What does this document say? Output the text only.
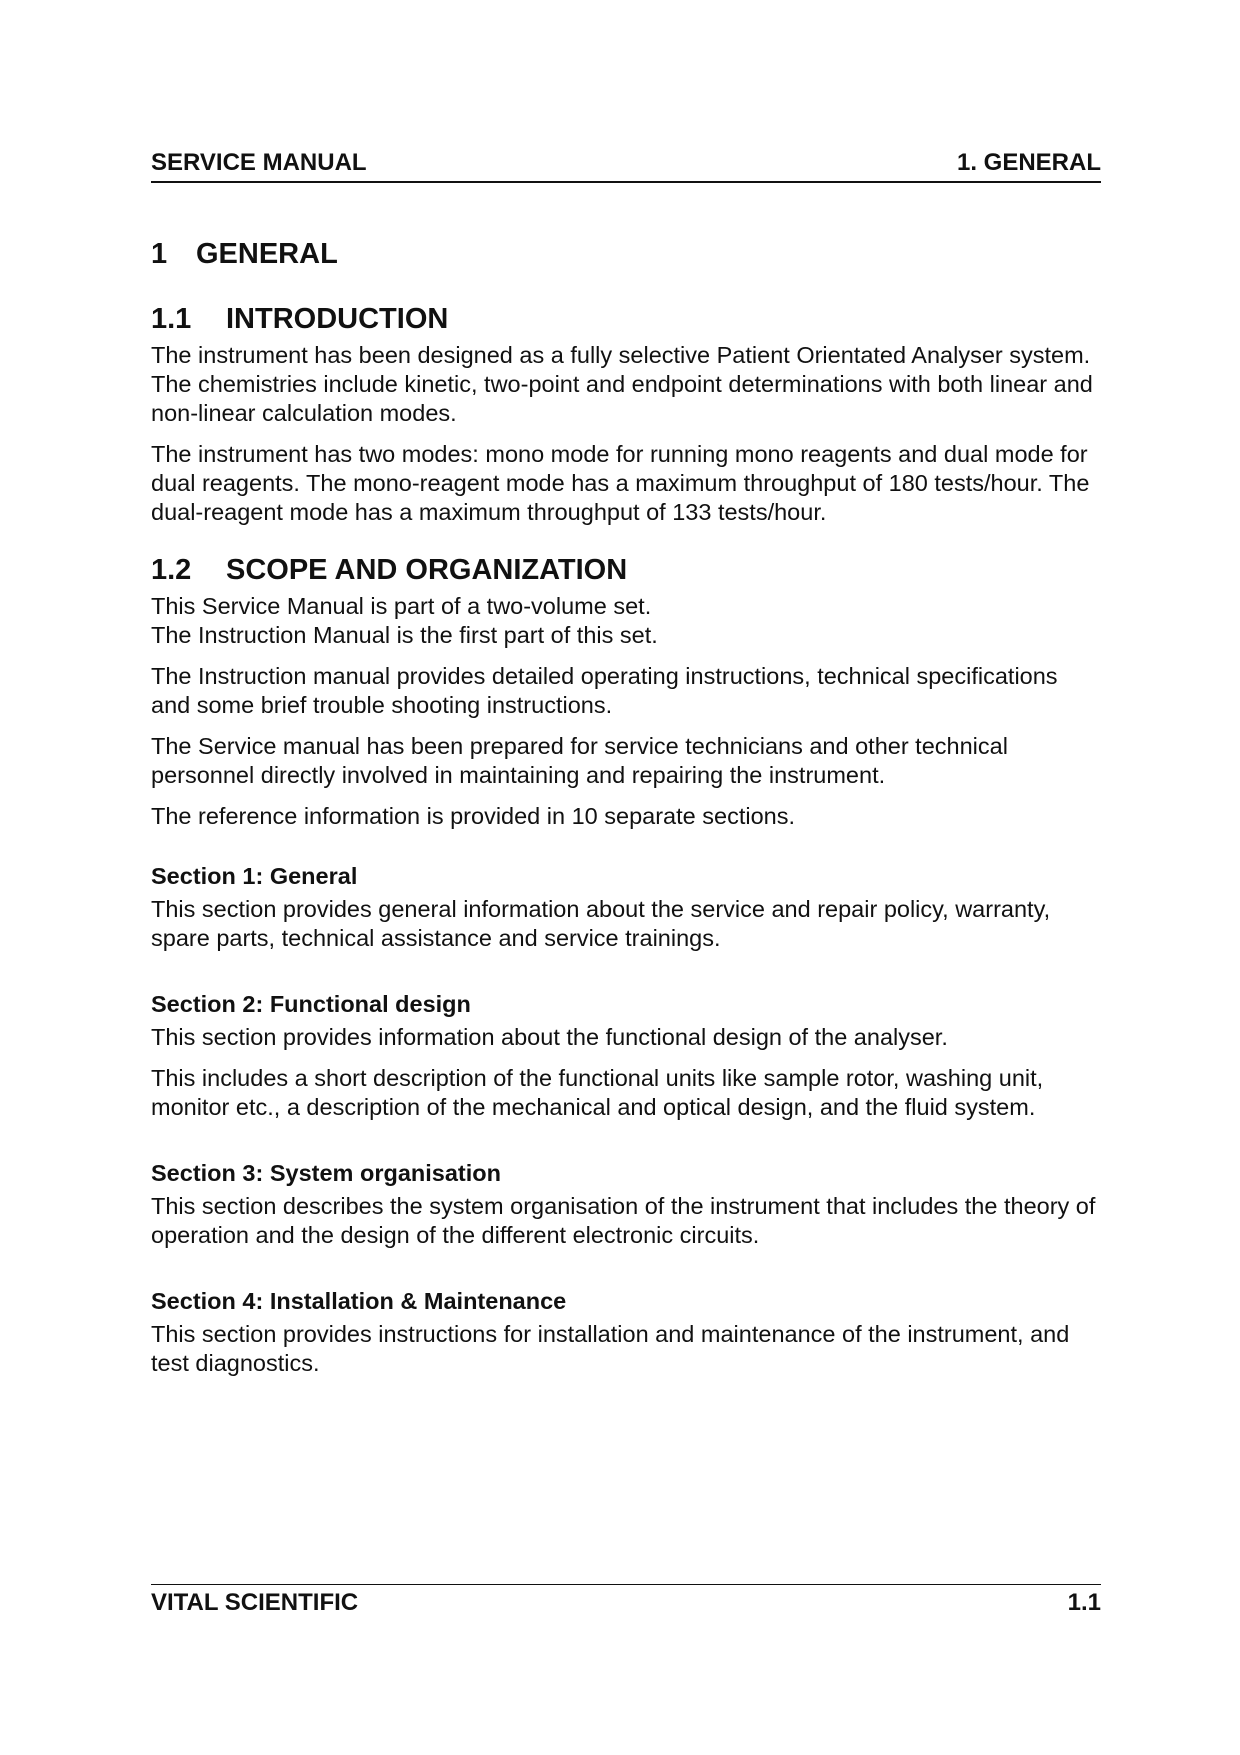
SERVICE MANUAL	1. GENERAL
1 GENERAL
1.1 INTRODUCTION

The instrument has been designed as a fully selective Patient Orientated Analyser system. The chemistries include kinetic, two-point and endpoint determinations with both linear and non-linear calculation modes.

The instrument has two modes: mono mode for running mono reagents and dual mode for dual reagents. The mono-reagent mode has a maximum throughput of 180 tests/hour. The dual-reagent mode has a maximum throughput of 133 tests/hour.

1.2 SCOPE AND ORGANIZATION

This Service Manual is part of a two-volume set.

The Instruction Manual is the first part of this set.

The Instruction manual provides detailed operating instructions, technical specifications and some brief trouble shooting instructions.

The Service manual has been prepared for service technicians and other technical personnel directly involved in maintaining and repairing the instrument.

The reference information is provided in 10 separate sections.

Section 1: General

This section provides general information about the service and repair policy, warranty, spare parts, technical assistance and service trainings.

Section 2: Functional design

This section provides information about the functional design of the analyser.

This includes a short description of the functional units like sample rotor, washing unit, monitor etc., a description of the mechanical and optical design, and the fluid system.

Section 3: System organisation

This section describes the system organisation of the instrument that includes the theory of operation and the design of the different electronic circuits.

Section 4: Installation & Maintenance

This section provides instructions for installation and maintenance of the instrument, and test diagnostics.

VITAL SCIENTIFIC	1.1
